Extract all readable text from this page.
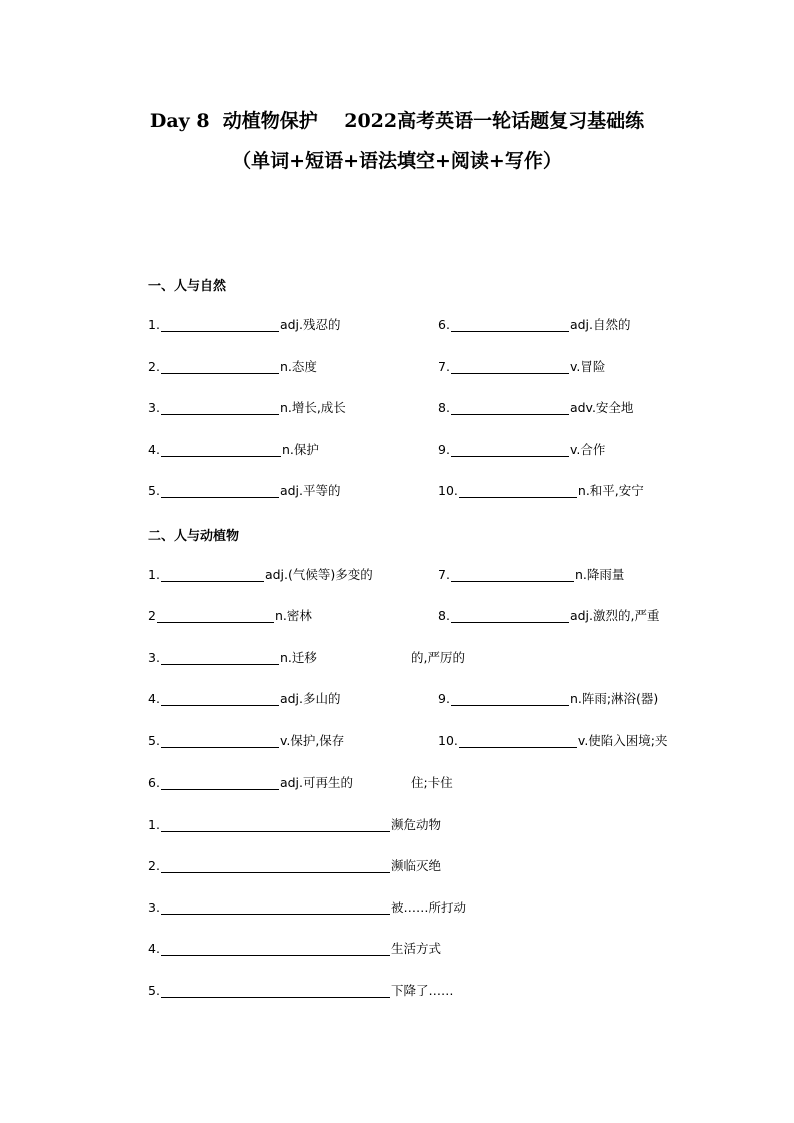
Day 8  动植物保护    2022高考英语一轮话题复习基础练
（单词+短语+语法填空+阅读+写作）
一、人与自然
1.	adj.残忍的
2.	n.态度
3.	n.增长,成长
4.	n.保护
5.	adj.平等的
6.	adj.自然的
7.	v.冒险
8.	adv.安全地
9.	v.合作
10.	n.和平,安宁
二、人与动植物
1.	adj.(气候等)多变的
2	n.密林
3.	n.迁移
4.	adj.多山的
5.	v.保护,保存
6.	adj.可再生的
7.	n.降雨量
8.	adj.激烈的,严重
的,严厉的
9.	n.阵雨;淋浴(器)
10.	v.使陷入困境;夹
住;卡住
1.	濒危动物
2.	濒临灭绝
3.	被……所打动
4.	生活方式
5.	下降了……
